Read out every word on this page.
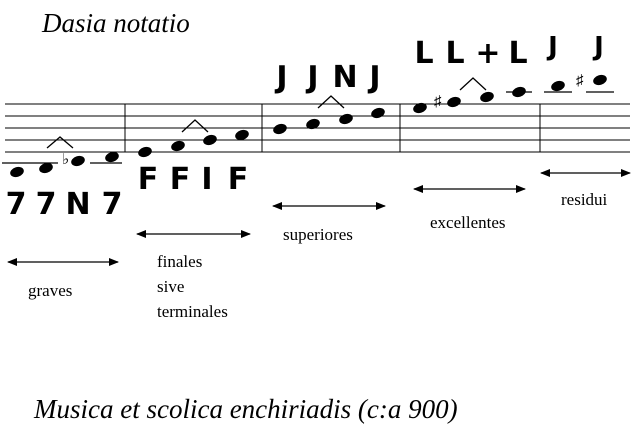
Dasia notatio
7 7 N 7
F F I F
J J N J
L L + L J J
graves
finales
sive
terminales
superiores
excellentes
residui
♭
♯
♯
Musica et scolica enchiriadis (c:a 900)
